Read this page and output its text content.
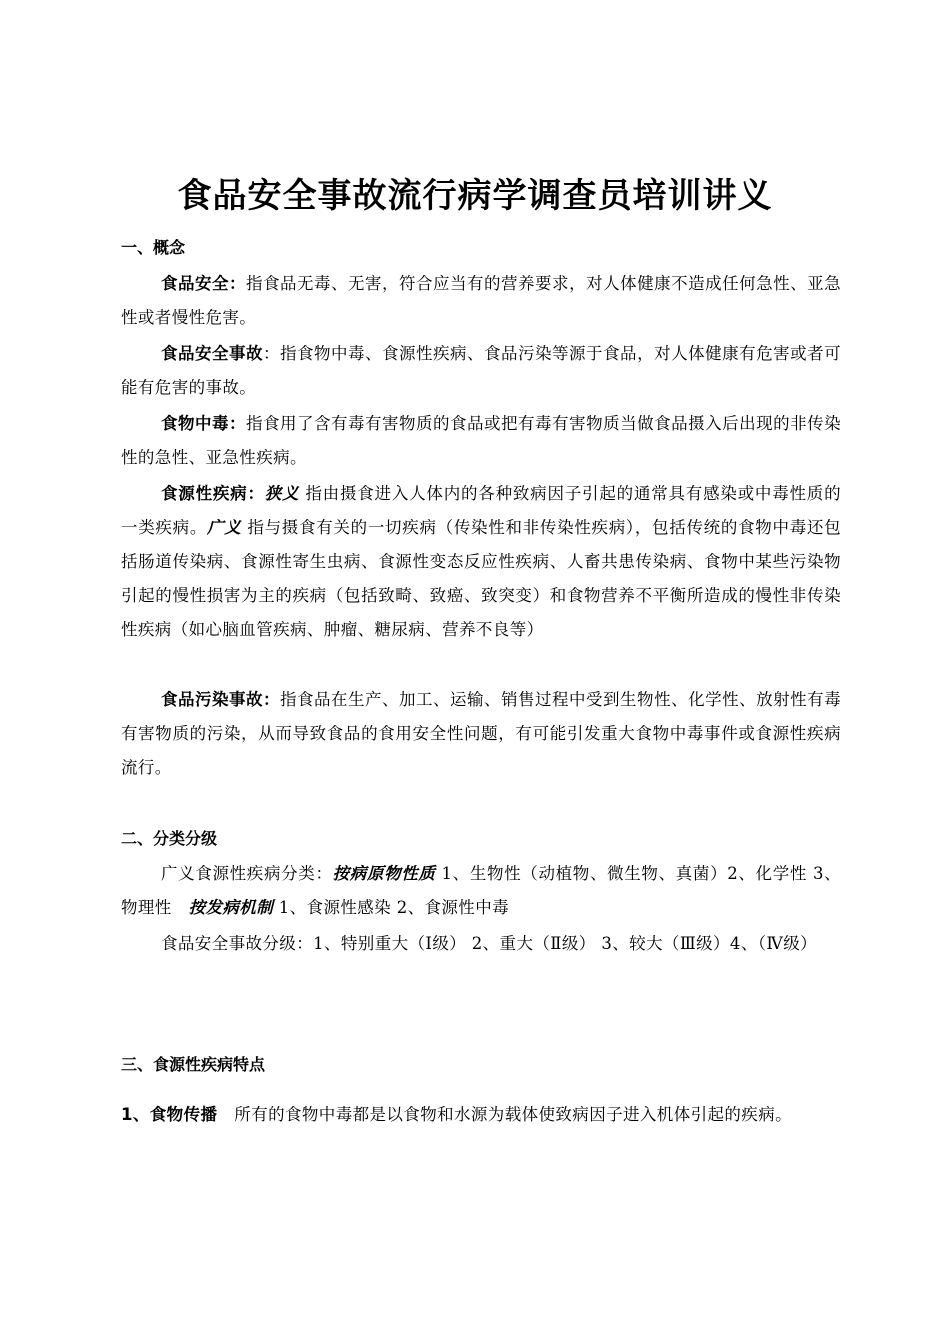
食品安全事故流行病学调查员培训讲义
一、概念

食品安全：指食品无毒、无害，符合应当有的营养要求，对人体健康不造成任何急性、亚急性或者慢性危害。

食品安全事故：指食物中毒、食源性疾病、食品污染等源于食品，对人体健康有危害或者可能有危害的事故。

食物中毒：指食用了含有毒有害物质的食品或把有毒有害物质当做食品摄入后出现的非传染性的急性、亚急性疾病。

食源性疾病：狭义 指由摄食进入人体内的各种致病因子引起的通常具有感染或中毒性质的一类疾病。广义 指与摄食有关的一切疾病（传染性和非传染性疾病），包括传统的食物中毒还包括肠道传染病、食源性寄生虫病、食源性变态反应性疾病、人畜共患传染病、食物中某些污染物引起的慢性损害为主的疾病（包括致畸、致癌、致突变）和食物营养不平衡所造成的慢性非传染性疾病（如心脑血管疾病、肿瘤、糖尿病、营养不良等）

食品污染事故：指食品在生产、加工、运输、销售过程中受到生物性、化学性、放射性有毒有害物质的污染，从而导致食品的食用安全性问题，有可能引发重大食物中毒事件或食源性疾病流行。

二、分类分级

广义食源性疾病分类：按病原物性质 1、生物性（动植物、微生物、真菌）2、化学性 3、物理性　按发病机制 1、食源性感染 2、食源性中毒

食品安全事故分级：1、特别重大（Ⅰ级） 2、重大（Ⅱ级） 3、较大（Ⅲ级）4、（Ⅳ级）

三、食源性疾病特点

1、食物传播　所有的食物中毒都是以食物和水源为载体使致病因子进入机体引起的疾病。
